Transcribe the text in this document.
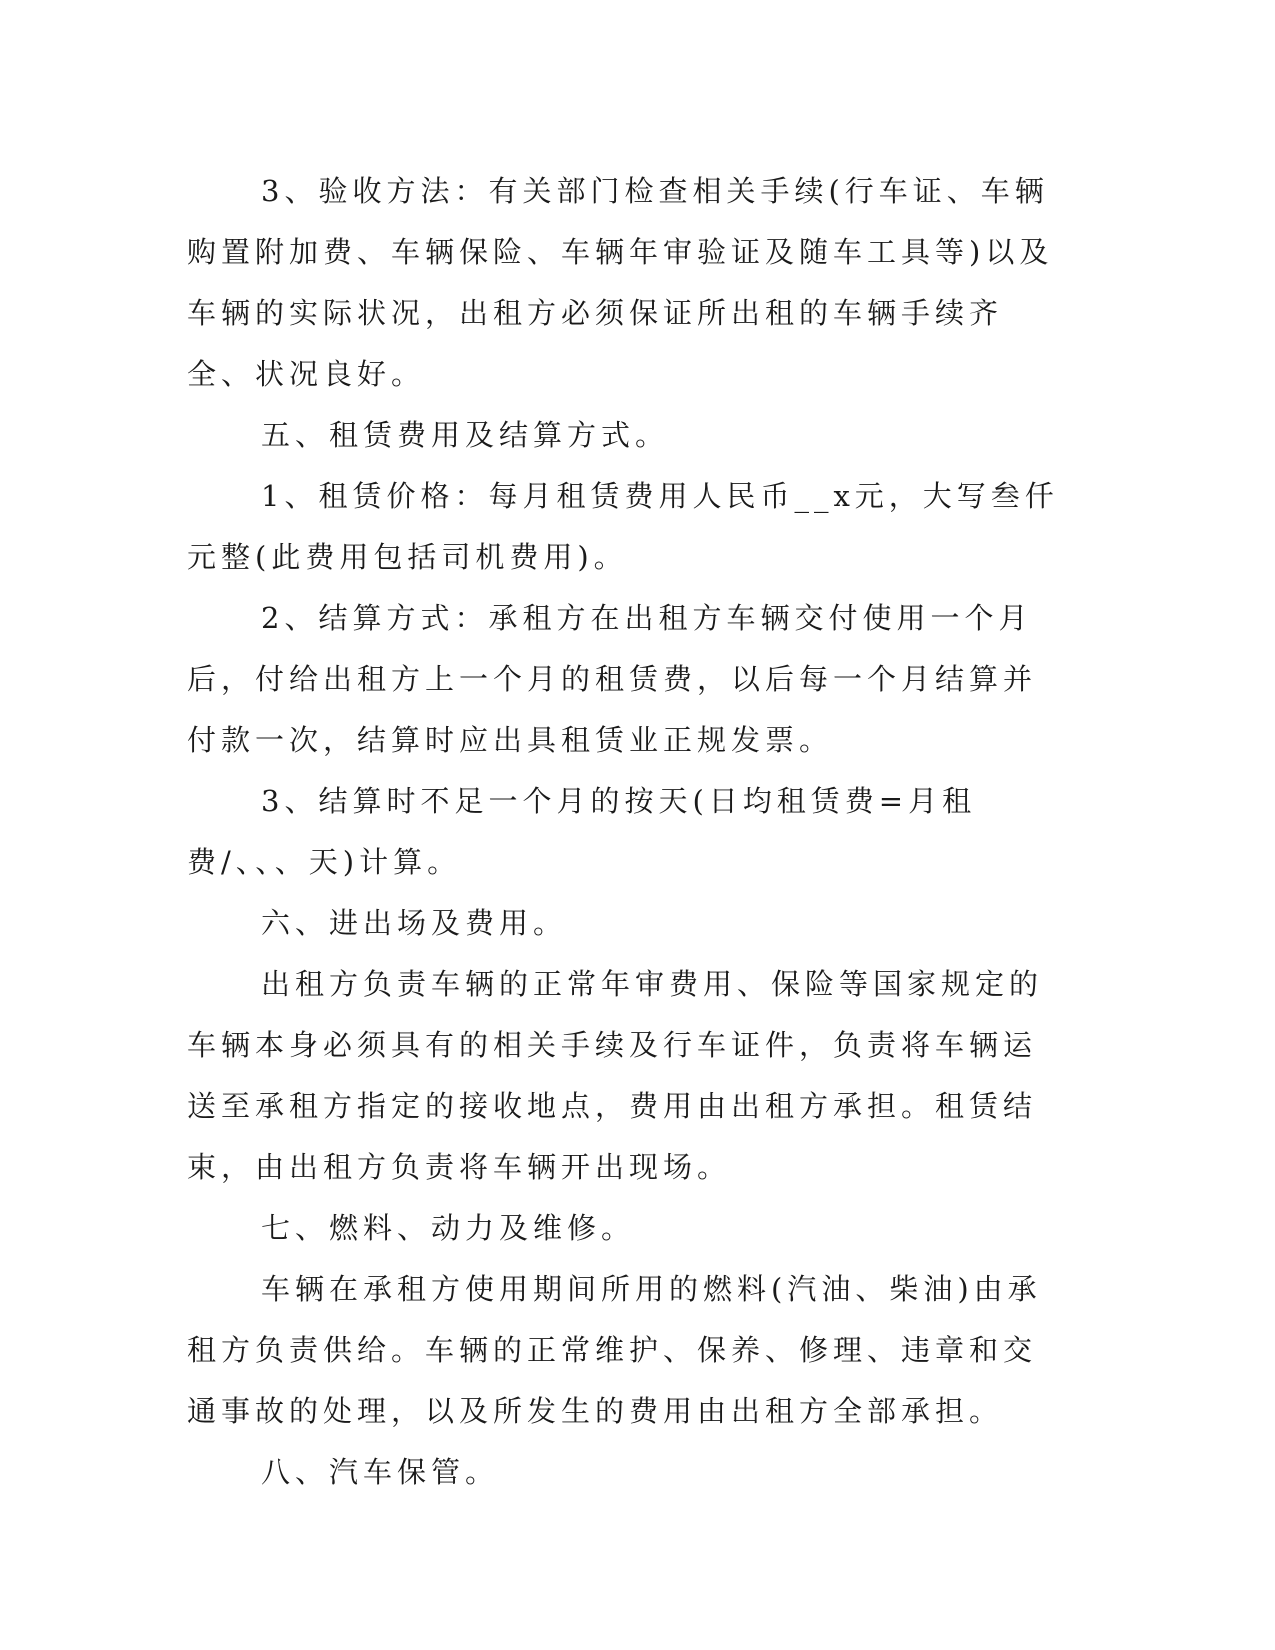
3、验收方法：有关部门检查相关手续(行车证、车辆购置附加费、车辆保险、车辆年审验证及随车工具等)以及车辆的实际状况，出租方必须保证所出租的车辆手续齐全、状况良好。

五、租赁费用及结算方式。

1、租赁价格：每月租赁费用人民币__x元，大写叁仟元整(此费用包括司机费用)。

2、结算方式：承租方在出租方车辆交付使用一个月后，付给出租方上一个月的租赁费，以后每一个月结算并付款一次，结算时应出具租赁业正规发票。

3、结算时不足一个月的按天(日均租赁费=月租费/、、、天)计算。

六、进出场及费用。

出租方负责车辆的正常年审费用、保险等国家规定的车辆本身必须具有的相关手续及行车证件，负责将车辆运送至承租方指定的接收地点，费用由出租方承担。租赁结束，由出租方负责将车辆开出现场。

七、燃料、动力及维修。

车辆在承租方使用期间所用的燃料(汽油、柴油)由承租方负责供给。车辆的正常维护、保养、修理、违章和交通事故的处理，以及所发生的费用由出租方全部承担。

八、汽车保管。
